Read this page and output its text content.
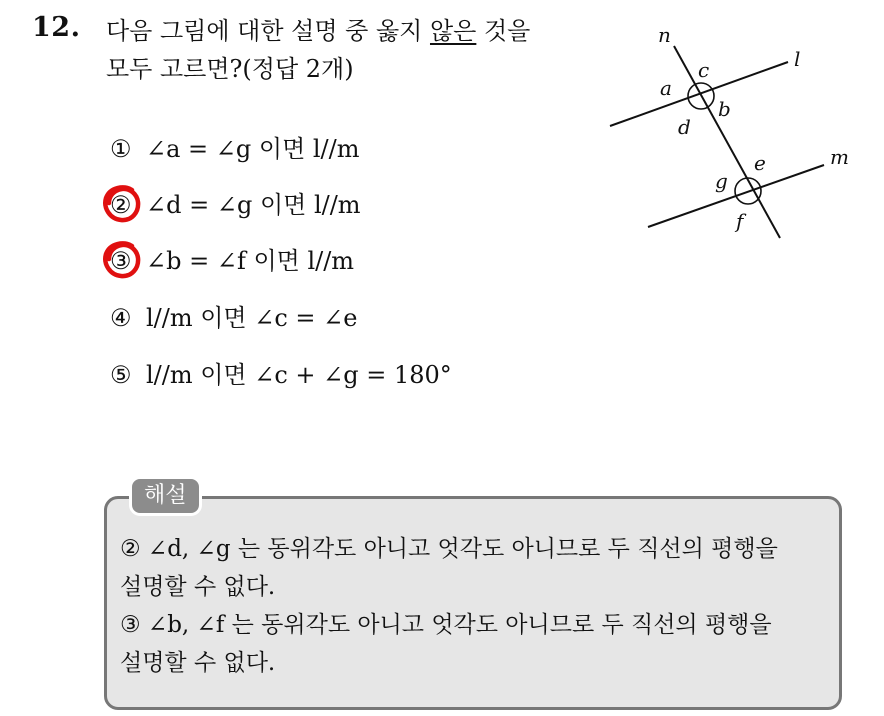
12. 다음 그림에 대한 설명 중 옳지 않은 것을
모두 고르면?(정답 2개)
① ∠a = ∠g 이면 l//m
② ∠d = ∠g 이면 l//m
③ ∠b = ∠f 이면 l//m
④ l//m 이면 ∠c = ∠e
⑤ l//m 이면 ∠c + ∠g = 180°
n
l
m
a
c
b
d
g
e
f
해설

② ∠d, ∠g 는 동위각도 아니고 엇각도 아니므로 두 직선의 평행을

설명할 수 없다.

③ ∠b, ∠f 는 동위각도 아니고 엇각도 아니므로 두 직선의 평행을

설명할 수 없다.
